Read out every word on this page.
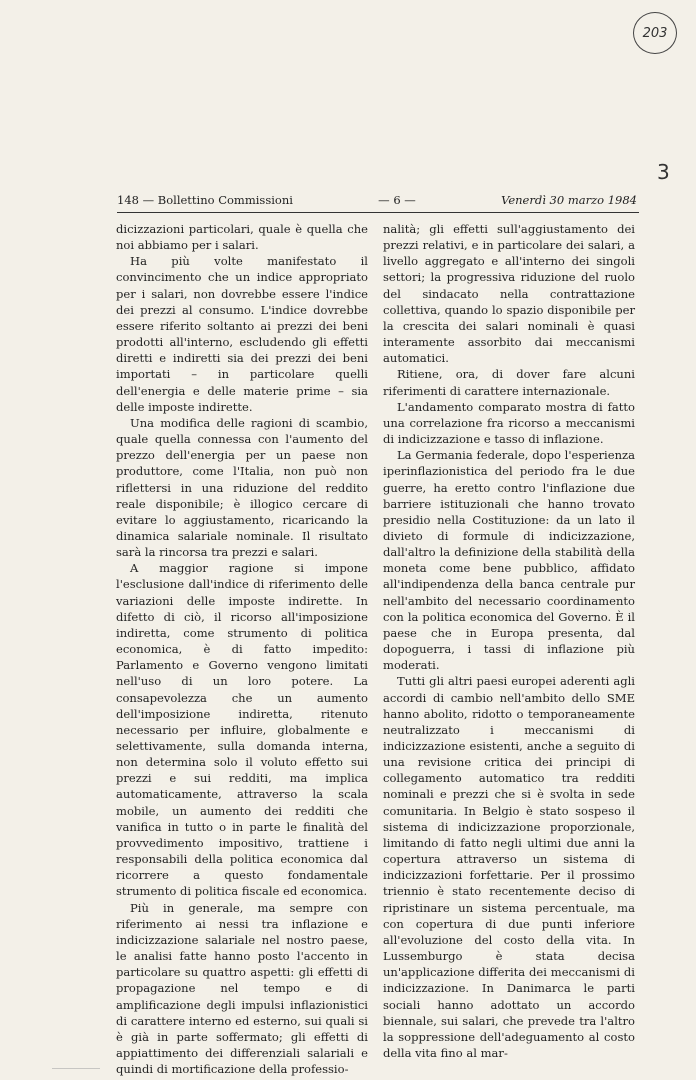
203
3
148 — Bollettino Commissioni	— 6 —	Venerdì 30 marzo 1984

dicizzazioni particolari, quale è quella che noi abbiamo per i salari.

Ha più volte manifestato il convincimento che un indice appropriato per i salari, non dovrebbe essere l'indice dei prezzi al consumo. L'indice dovrebbe essere riferito soltanto ai prezzi dei beni prodotti all'interno, escludendo gli effetti diretti e indiretti sia dei prezzi dei beni importati – in particolare quelli dell'energia e delle materie prime – sia delle imposte indirette.

Una modifica delle ragioni di scambio, quale quella connessa con l'aumento del prezzo dell'energia per un paese non produttore, come l'Italia, non può non riflettersi in una riduzione del reddito reale disponibile; è illogico cercare di evitare lo aggiustamento, ricaricando la dinamica salariale nominale. Il risultato sarà la rincorsa tra prezzi e salari.

A maggior ragione si impone l'esclusione dall'indice di riferimento delle variazioni delle imposte indirette. In difetto di ciò, il ricorso all'imposizione indiretta, come strumento di politica economica, è di fatto impedito: Parlamento e Governo vengono limitati nell'uso di un loro potere. La consapevolezza che un aumento dell'imposizione indiretta, ritenuto necessario per influire, globalmente e selettivamente, sulla domanda interna, non determina solo il voluto effetto sui prezzi e sui redditi, ma implica automaticamente, attraverso la scala mobile, un aumento dei redditi che vanifica in tutto o in parte le finalità del provvedimento impositivo, trattiene i responsabili della politica economica dal ricorrere a questo fondamentale strumento di politica fiscale ed economica.

Più in generale, ma sempre con riferimento ai nessi tra inflazione e indicizzazione salariale nel nostro paese, le analisi fatte hanno posto l'accento in particolare su quattro aspetti: gli effetti di propagazione nel tempo e di amplificazione degli impulsi inflazionistici di carattere interno ed esterno, sui quali si è già in parte soffermato; gli effetti di appiattimento dei differenziali salariali e quindi di mortificazione della professio-

nalità; gli effetti sull'aggiustamento dei prezzi relativi, e in particolare dei salari, a livello aggregato e all'interno dei singoli settori; la progressiva riduzione del ruolo del sindacato nella contrattazione collettiva, quando lo spazio disponibile per la crescita dei salari nominali è quasi interamente assorbito dai meccanismi automatici.

Ritiene, ora, di dover fare alcuni riferimenti di carattere internazionale.

L'andamento comparato mostra di fatto una correlazione fra ricorso a meccanismi di indicizzazione e tasso di inflazione.

La Germania federale, dopo l'esperienza iperinflazionistica del periodo fra le due guerre, ha eretto contro l'inflazione due barriere istituzionali che hanno trovato presidio nella Costituzione: da un lato il divieto di formule di indicizzazione, dall'altro la definizione della stabilità della moneta come bene pubblico, affidato all'indipendenza della banca centrale pur nell'ambito del necessario coordinamento con la politica economica del Governo. È il paese che in Europa presenta, dal dopoguerra, i tassi di inflazione più moderati.

Tutti gli altri paesi europei aderenti agli accordi di cambio nell'ambito dello SME hanno abolito, ridotto o temporaneamente neutralizzato i meccanismi di indicizzazione esistenti, anche a seguito di una revisione critica dei principi di collegamento automatico tra redditi nominali e prezzi che si è svolta in sede comunitaria. In Belgio è stato sospeso il sistema di indicizzazione proporzionale, limitando di fatto negli ultimi due anni la copertura attraverso un sistema di indicizzazioni forfettarie. Per il prossimo triennio è stato recentemente deciso di ripristinare un sistema percentuale, ma con copertura di due punti inferiore all'evoluzione del costo della vita. In Lussemburgo è stata decisa un'applicazione differita dei meccanismi di indicizzazione. In Danimarca le parti sociali hanno adottato un accordo biennale, sui salari, che prevede tra l'altro la soppressione dell'adeguamento al costo della vita fino al mar-
